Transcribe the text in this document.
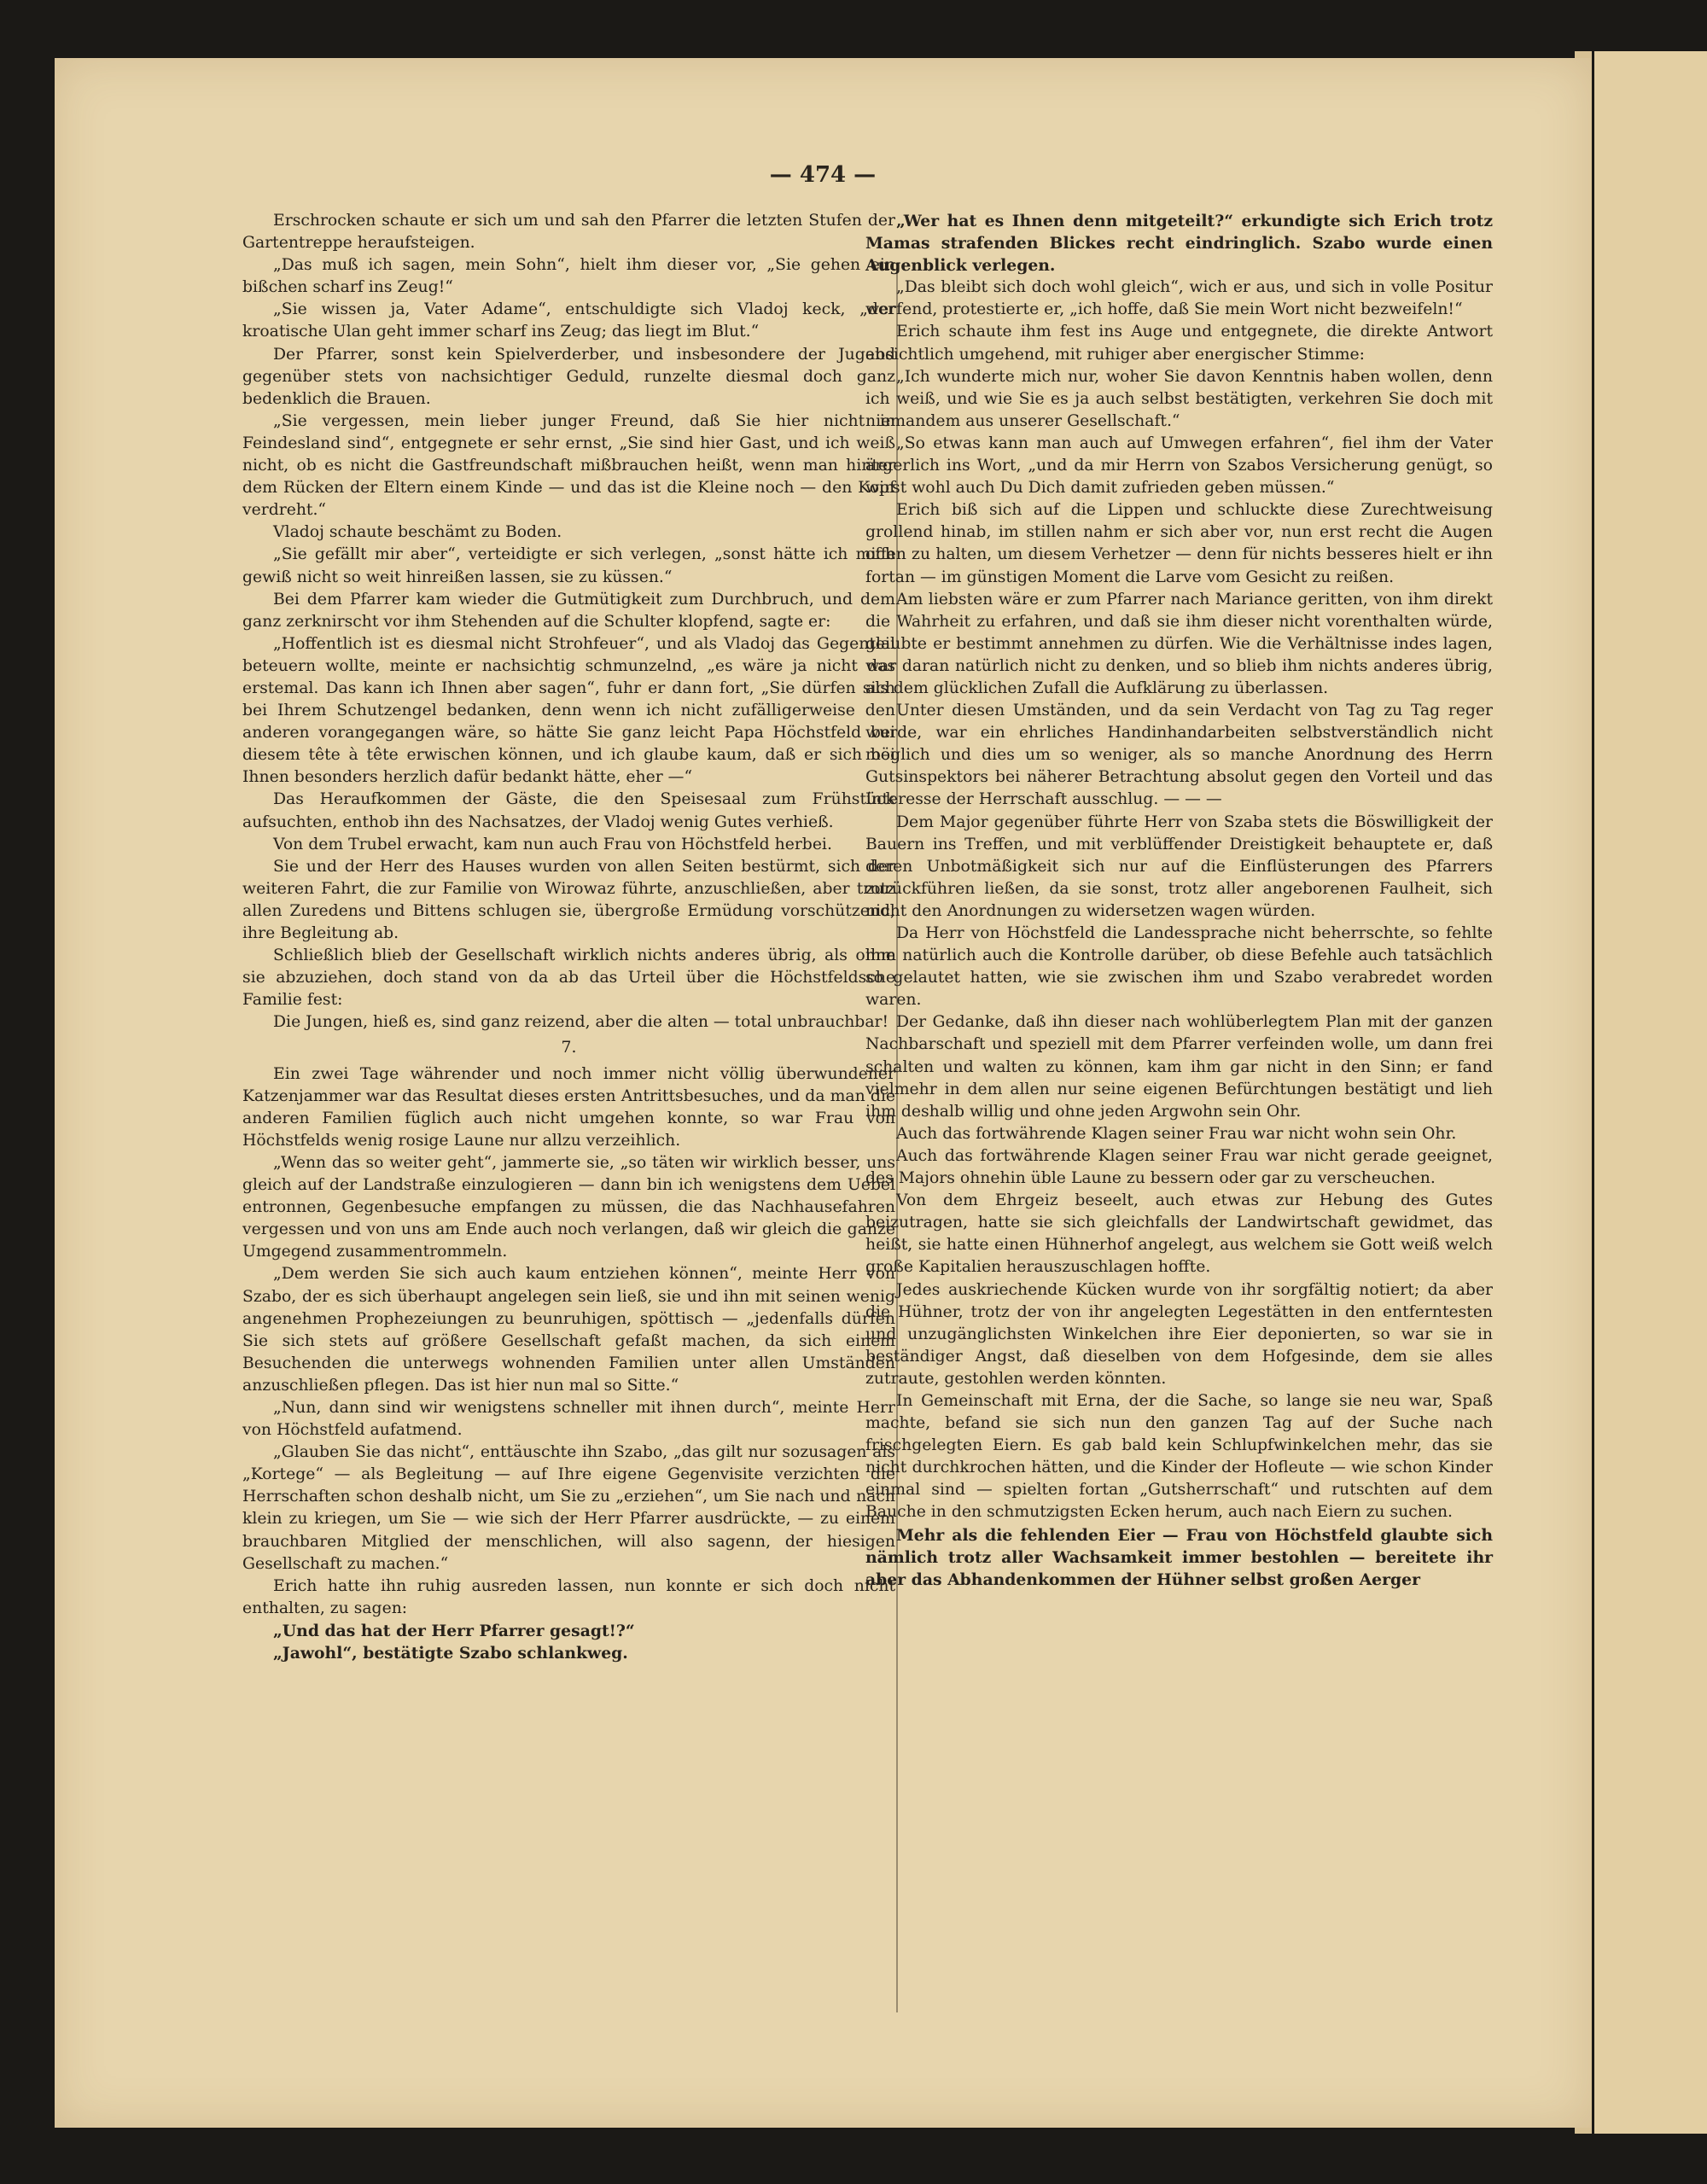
— 474 —

Erschrocken schaute er sich um und sah den Pfarrer die letzten Stufen der Gartentreppe heraufsteigen.

„Das muß ich sagen, mein Sohn“, hielt ihm dieser vor, „Sie gehen ein bißchen scharf ins Zeug!“

„Sie wissen ja, Vater Adame“, entschuldigte sich Vladoj keck, „der kroatische Ulan geht immer scharf ins Zeug; das liegt im Blut.“

Der Pfarrer, sonst kein Spielverderber, und insbesondere der Jugend gegenüber stets von nachsichtiger Geduld, runzelte diesmal doch ganz bedenklich die Brauen.

„Sie vergessen, mein lieber junger Freund, daß Sie hier nicht in Feindesland sind“, entgegnete er sehr ernst, „Sie sind hier Gast, und ich weiß nicht, ob es nicht die Gastfreundschaft mißbrauchen heißt, wenn man hinter dem Rücken der Eltern einem Kinde — und das ist die Kleine noch — den Kopf verdreht.“

Vladoj schaute beschämt zu Boden.

„Sie gefällt mir aber“, verteidigte er sich verlegen, „sonst hätte ich mich gewiß nicht so weit hinreißen lassen, sie zu küssen.“

Bei dem Pfarrer kam wieder die Gutmütigkeit zum Durchbruch, und dem ganz zerknirscht vor ihm Stehenden auf die Schulter klopfend, sagte er:

„Hoffentlich ist es diesmal nicht Strohfeuer“, und als Vladoj das Gegenteil beteuern wollte, meinte er nachsichtig schmunzelnd, „es wäre ja nicht das erstemal. Das kann ich Ihnen aber sagen“, fuhr er dann fort, „Sie dürfen sich bei Ihrem Schutzengel bedanken, denn wenn ich nicht zufälligerweise den anderen vorangegangen wäre, so hätte Sie ganz leicht Papa Höchstfeld bei diesem tête à tête erwischen können, und ich glaube kaum, daß er sich bei Ihnen besonders herzlich dafür bedankt hätte, eher —“

Das Heraufkommen der Gäste, die den Speisesaal zum Frühstück aufsuchten, enthob ihn des Nachsatzes, der Vladoj wenig Gutes verhieß.

Von dem Trubel erwacht, kam nun auch Frau von Höchstfeld herbei.

Sie und der Herr des Hauses wurden von allen Seiten bestürmt, sich der weiteren Fahrt, die zur Familie von Wirowaz führte, anzuschließen, aber trotz allen Zuredens und Bittens schlugen sie, übergroße Ermüdung vorschützend, ihre Begleitung ab.

Schließlich blieb der Gesellschaft wirklich nichts anderes übrig, als ohne sie abzuziehen, doch stand von da ab das Urteil über die Höchstfeldsche Familie fest:

Die Jungen, hieß es, sind ganz reizend, aber die alten — total unbrauchbar!

7.

Ein zwei Tage währender und noch immer nicht völlig überwundener Katzenjammer war das Resultat dieses ersten Antrittsbesuches, und da man die anderen Familien füglich auch nicht umgehen konnte, so war Frau von Höchstfelds wenig rosige Laune nur allzu verzeihlich.

„Wenn das so weiter geht“, jammerte sie, „so täten wir wirklich besser, uns gleich auf der Landstraße einzulogieren — dann bin ich wenigstens dem Uebel entronnen, Gegenbesuche empfangen zu müssen, die das Nachhausefahren vergessen und von uns am Ende auch noch verlangen, daß wir gleich die ganze Umgegend zusammentrommeln.

„Dem werden Sie sich auch kaum entziehen können“, meinte Herr von Szabo, der es sich überhaupt angelegen sein ließ, sie und ihn mit seinen wenig angenehmen Prophezeiungen zu beunruhigen, spöttisch — „jedenfalls dürfen Sie sich stets auf größere Gesellschaft gefaßt machen, da sich einem Besuchenden die unterwegs wohnenden Familien unter allen Umständen anzuschließen pflegen. Das ist hier nun mal so Sitte.“

„Nun, dann sind wir wenigstens schneller mit ihnen durch“, meinte Herr von Höchstfeld aufatmend.

„Glauben Sie das nicht“, enttäuschte ihn Szabo, „das gilt nur sozusagen als „Kortege“ — als Begleitung — auf Ihre eigene Gegenvisite verzichten die Herrschaften schon deshalb nicht, um Sie zu „erziehen“, um Sie nach und nach klein zu kriegen, um Sie — wie sich der Herr Pfarrer ausdrückte, — zu einem brauchbaren Mitglied der menschlichen, will also sagenn, der hiesigen Gesellschaft zu machen.“

Erich hatte ihn ruhig ausreden lassen, nun konnte er sich doch nicht enthalten, zu sagen:

„Und das hat der Herr Pfarrer gesagt!?“

„Jawohl“, bestätigte Szabo schlankweg.

„Wer hat es Ihnen denn mitgeteilt?“ erkundigte sich Erich trotz Mamas strafenden Blickes recht eindringlich. Szabo wurde einen Augenblick verlegen.

„Das bleibt sich doch wohl gleich“, wich er aus, und sich in volle Positur werfend, protestierte er, „ich hoffe, daß Sie mein Wort nicht bezweifeln!“

Erich schaute ihm fest ins Auge und entgegnete, die direkte Antwort absichtlich umgehend, mit ruhiger aber energischer Stimme:

„Ich wunderte mich nur, woher Sie davon Kenntnis haben wollen, denn ich weiß, und wie Sie es ja auch selbst bestätigten, verkehren Sie doch mit niemandem aus unserer Gesellschaft.“

„So etwas kann man auch auf Umwegen erfahren“, fiel ihm der Vater ärgerlich ins Wort, „und da mir Herrn von Szabos Versicherung genügt, so wirst wohl auch Du Dich damit zufrieden geben müssen.“

Erich biß sich auf die Lippen und schluckte diese Zurechtweisung grollend hinab, im stillen nahm er sich aber vor, nun erst recht die Augen offen zu halten, um diesem Verhetzer — denn für nichts besseres hielt er ihn fortan — im günstigen Moment die Larve vom Gesicht zu reißen.

Am liebsten wäre er zum Pfarrer nach Mariance geritten, von ihm direkt die Wahrheit zu erfahren, und daß sie ihm dieser nicht vorenthalten würde, glaubte er bestimmt annehmen zu dürfen. Wie die Verhältnisse indes lagen, war daran natürlich nicht zu denken, und so blieb ihm nichts anderes übrig, als dem glücklichen Zufall die Aufklärung zu überlassen.

Unter diesen Umständen, und da sein Verdacht von Tag zu Tag reger wurde, war ein ehrliches Handinhandarbeiten selbstverständlich nicht möglich und dies um so weniger, als so manche Anordnung des Herrn Gutsinspektors bei näherer Betrachtung absolut gegen den Vorteil und das Interesse der Herrschaft ausschlug. — — —

Dem Major gegenüber führte Herr von Szaba stets die Böswilligkeit der Bauern ins Treffen, und mit verblüffender Dreistigkeit behauptete er, daß deren Unbotmäßigkeit sich nur auf die Einflüsterungen des Pfarrers zurückführen ließen, da sie sonst, trotz aller angeborenen Faulheit, sich nicht den Anordnungen zu widersetzen wagen würden.

Da Herr von Höchstfeld die Landessprache nicht beherrschte, so fehlte ihm natürlich auch die Kontrolle darüber, ob diese Befehle auch tatsächlich so gelautet hatten, wie sie zwischen ihm und Szabo verabredet worden waren.

Der Gedanke, daß ihn dieser nach wohlüberlegtem Plan mit der ganzen Nachbarschaft und speziell mit dem Pfarrer verfeinden wolle, um dann frei schalten und walten zu können, kam ihm gar nicht in den Sinn; er fand vielmehr in dem allen nur seine eigenen Befürchtungen bestätigt und lieh ihm deshalb willig und ohne jeden Argwohn sein Ohr.

Auch das fortwährende Klagen seiner Frau war nicht wohn sein Ohr.

Auch das fortwährende Klagen seiner Frau war nicht gerade geeignet, des Majors ohnehin üble Laune zu bessern oder gar zu verscheuchen.

Von dem Ehrgeiz beseelt, auch etwas zur Hebung des Gutes beizutragen, hatte sie sich gleichfalls der Landwirtschaft gewidmet, das heißt, sie hatte einen Hühnerhof angelegt, aus welchem sie Gott weiß welch große Kapitalien herauszuschlagen hoffte.

Jedes auskriechende Kücken wurde von ihr sorgfältig notiert; da aber die Hühner, trotz der von ihr angelegten Legestätten in den entferntesten und unzugänglichsten Winkelchen ihre Eier deponierten, so war sie in beständiger Angst, daß dieselben von dem Hofgesinde, dem sie alles zutraute, gestohlen werden könnten.

In Gemeinschaft mit Erna, der die Sache, so lange sie neu war, Spaß machte, befand sie sich nun den ganzen Tag auf der Suche nach frischgelegten Eiern. Es gab bald kein Schlupfwinkelchen mehr, das sie nicht durchkrochen hätten, und die Kinder der Hofleute — wie schon Kinder einmal sind — spielten fortan „Gutsherrschaft“ und rutschten auf dem Bauche in den schmutzigsten Ecken herum, auch nach Eiern zu suchen.

Mehr als die fehlenden Eier — Frau von Höchstfeld glaubte sich nämlich trotz aller Wachsamkeit immer bestohlen — bereitete ihr aber das Abhandenkommen der Hühner selbst großen Aerger
